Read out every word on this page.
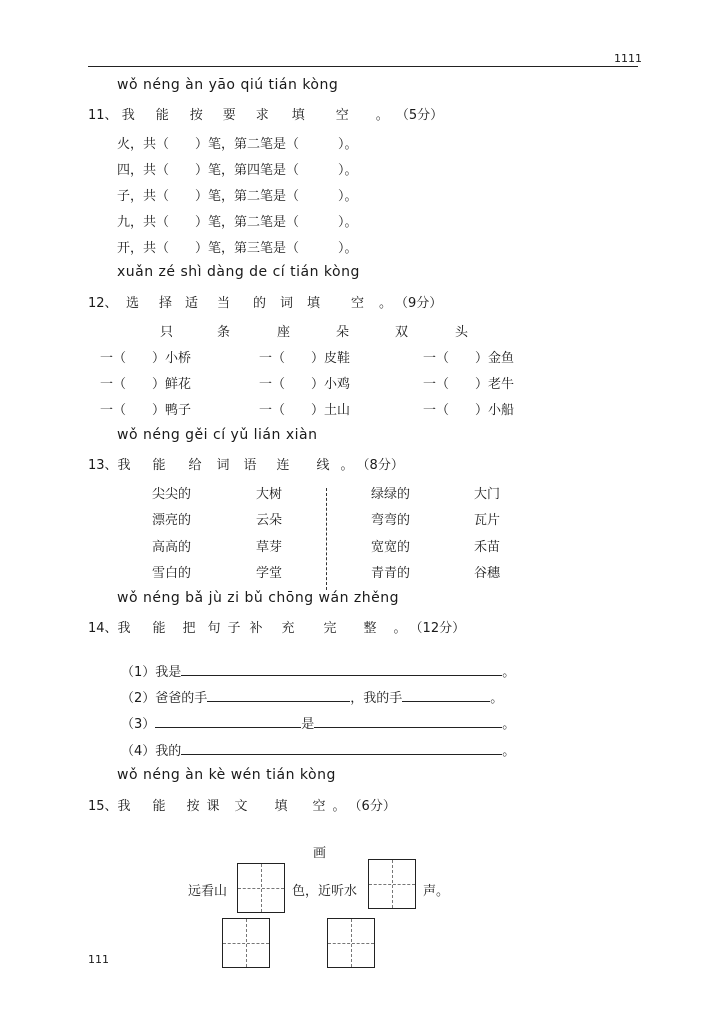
1111
wǒ néng àn yāo qiú tián kòng
11、 我 能 按 要 求 填 空 。 （5分）
火，共（　　）笔，第二笔是（　　　）。
四，共（　　）笔，第四笔是（　　　）。
子，共（　　）笔，第二笔是（　　　）。
九，共（　　）笔，第二笔是（　　　）。
开，共（　　）笔，第三笔是（　　　）。
xuǎn zé shì dàng de cí tián kòng
12、 选 择 适 当 的 词 填 空 。 （9分）
只	条	座	朵	双	头
一（　　）小桥	一（　　）皮鞋	一（　　）金鱼
一（　　）鲜花	一（　　）小鸡	一（　　）老牛
一（　　）鸭子	一（　　）土山	一（　　）小船
wǒ néng gěi cí yǔ lián xiàn
13、我 能 给 词 语 连 线 。 （8分）
尖尖的	大树	绿绿的	大门
漂亮的	云朵	弯弯的	瓦片
高高的	草芽	宽宽的	禾苗
雪白的	学堂	青青的	谷穗
wǒ néng bǎ jù zi bǔ chōng wán zhěng
14、我 能 把 句 子 补 充 完 整 。 （12分）
（1）我是	。
（2）爸爸的手	，我的手	。
（3）	是	。
（4）我的	。
wǒ néng àn kè wén tián kòng
15、我 能 按 课 文 填 空 。 （6分）
画
远看山	色，近听水	声。
111
